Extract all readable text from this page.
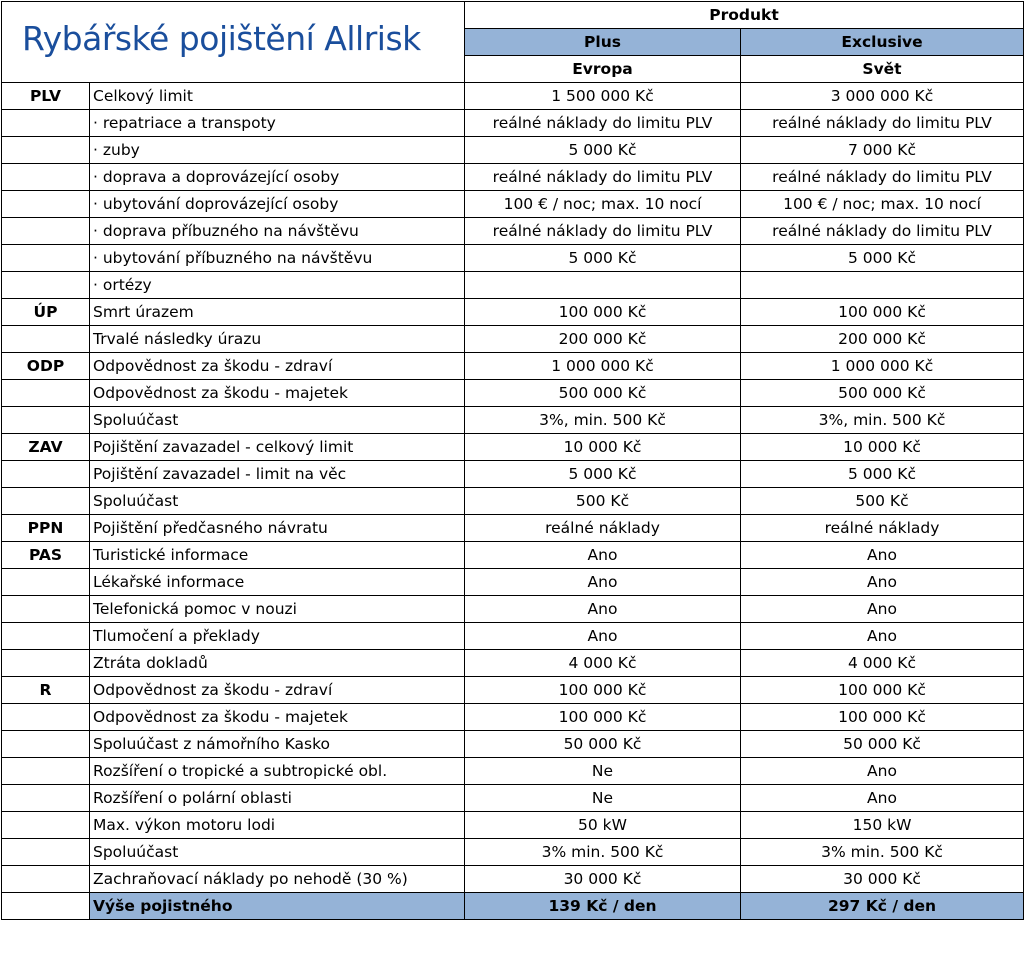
Rybářské pojištění Allrisk		Produkt	
		Plus	Exclusive
		Evropa	Svět
PLV	Celkový limit	1 500 000 Kč	3 000 000 Kč
	· repatriace a transpoty	reálné náklady do limitu PLV	reálné náklady do limitu PLV
	· zuby	5 000 Kč	7 000 Kč
	· doprava a doprovázející osoby	reálné náklady do limitu PLV	reálné náklady do limitu PLV
	· ubytování doprovázející osoby	100 € / noc; max. 10 nocí	100 € / noc; max. 10 nocí
	· doprava příbuzného na návštěvu	reálné náklady do limitu PLV	reálné náklady do limitu PLV
	· ubytování příbuzného na návštěvu	5 000 Kč	5 000 Kč
	· ortézy		
ÚP	Smrt úrazem	100 000 Kč	100 000 Kč
	Trvalé následky úrazu	200 000 Kč	200 000 Kč
ODP	Odpovědnost za škodu - zdraví	1 000 000 Kč	1 000 000 Kč
	Odpovědnost za škodu - majetek	500 000 Kč	500 000 Kč
	Spoluúčast	3%, min. 500 Kč	3%, min. 500 Kč
ZAV	Pojištění zavazadel - celkový limit	10 000 Kč	10 000 Kč
	Pojištění zavazadel - limit na věc	5 000 Kč	5 000 Kč
	Spoluúčast	500 Kč	500 Kč
PPN	Pojištění předčasného návratu	reálné náklady	reálné náklady
PAS	Turistické informace	Ano	Ano
	Lékařské informace	Ano	Ano
	Telefonická pomoc v nouzi	Ano	Ano
	Tlumočení a překlady	Ano	Ano
	Ztráta dokladů	4 000 Kč	4 000 Kč
R	Odpovědnost za škodu - zdraví	100 000 Kč	100 000 Kč
	Odpovědnost za škodu - majetek	100 000 Kč	100 000 Kč
	Spoluúčast z námořního Kasko	50 000 Kč	50 000 Kč
	Rozšíření o tropické a subtropické obl.	Ne	Ano
	Rozšíření o polární oblasti	Ne	Ano
	Max. výkon motoru lodi	50 kW	150 kW
	Spoluúčast	3% min. 500 Kč	3% min. 500 Kč
	Zachraňovací náklady po nehodě (30 %)	30 000 Kč	30 000 Kč
	Výše pojistného	139 Kč / den	297 Kč / den
